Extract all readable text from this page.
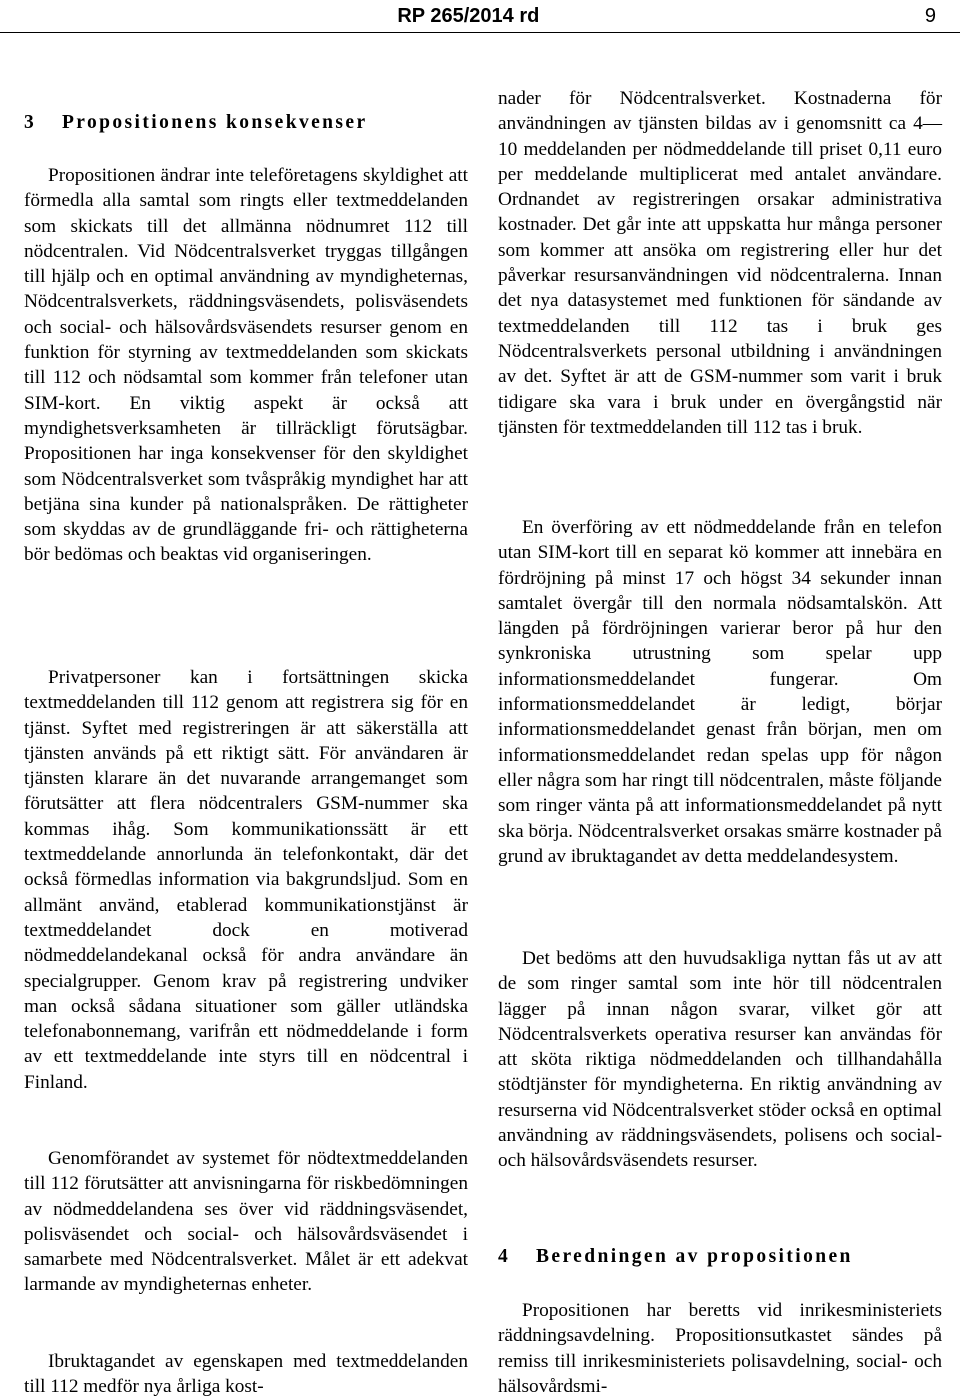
RP 265/2014 rd	9
3 Propositionens konsekvenser

Propositionen ändrar inte teleföretagens skyldighet att förmedla alla samtal som ringts eller textmeddelanden som skickats till det allmänna nödnumret 112 till nödcentralen. Vid Nödcentralsverket tryggas tillgången till hjälp och en optimal användning av myndigheternas, Nödcentralsverkets, räddningsväsendets, polisväsendets och social- och hälsovårdsväsendets resurser genom en funktion för styrning av textmeddelanden som skickats till 112 och nödsamtal som kommer från telefoner utan SIM-kort. En viktig aspekt är också att myndighetsverksamheten är tillräckligt förutsägbar. Propositionen har inga konsekvenser för den skyldighet som Nödcentralsverket som tvåspråkig myndighet har att betjäna sina kunder på nationalspråken. De rättigheter som skyddas av de grundläggande fri- och rättigheterna bör bedömas och beaktas vid organiseringen.

Privatpersoner kan i fortsättningen skicka textmeddelanden till 112 genom att registrera sig för en tjänst. Syftet med registreringen är att säkerställa att tjänsten används på ett riktigt sätt. För användaren är tjänsten klarare än det nuvarande arrangemanget som förutsätter att flera nödcentralers GSM-nummer ska kommas ihåg. Som kommunikationssätt är ett textmeddelande annorlunda än telefonkontakt, där det också förmedlas information via bakgrundsljud. Som en allmänt använd, etablerad kommunikationstjänst är textmeddelandet dock en motiverad nödmeddelandekanal också för andra användare än specialgrupper. Genom krav på registrering undviker man också sådana situationer som gäller utländska telefonabonnemang, varifrån ett nödmeddelande i form av ett textmeddelande inte styrs till en nödcentral i Finland.

Genomförandet av systemet för nödtextmeddelanden till 112 förutsätter att anvisningarna för riskbedömningen av nödmeddelandena ses över vid räddningsväsendet, polisväsendet och social- och hälsovårdsväsendet i samarbete med Nödcentralsverket. Målet är ett adekvat larmande av myndigheternas enheter.

Ibruktagandet av egenskapen med textmeddelanden till 112 medför nya årliga kost-

nader för Nödcentralsverket. Kostnaderna för användningen av tjänsten bildas av i genomsnitt ca 4—10 meddelanden per nödmeddelande till priset 0,11 euro per meddelande multiplicerat med antalet användare. Ordnandet av registreringen orsakar administrativa kostnader. Det går inte att uppskatta hur många personer som kommer att ansöka om registrering eller hur det påverkar resursanvändningen vid nödcentralerna. Innan det nya datasystemet med funktionen för sändande av textmeddelanden till 112 tas i bruk ges Nödcentralsverkets personal utbildning i användningen av det. Syftet är att de GSM-nummer som varit i bruk tidigare ska vara i bruk under en övergångstid när tjänsten för textmeddelanden till 112 tas i bruk.

En överföring av ett nödmeddelande från en telefon utan SIM-kort till en separat kö kommer att innebära en fördröjning på minst 17 och högst 34 sekunder innan samtalet övergår till den normala nödsamtalskön. Att längden på fördröjningen varierar beror på hur den synkroniska utrustning som spelar upp informationsmeddelandet fungerar. Om informationsmeddelandet är ledigt, börjar informationsmeddelandet genast från början, men om informationsmeddelandet redan spelas upp för någon eller några som har ringt till nödcentralen, måste följande som ringer vänta på att informationsmeddelandet på nytt ska börja. Nödcentralsverket orsakas smärre kostnader på grund av ibruktagandet av detta meddelandesystem.

Det bedöms att den huvudsakliga nyttan fås ut av att de som ringer samtal som inte hör till nödcentralen lägger på innan någon svarar, vilket gör att Nödcentralsverkets operativa resurser kan användas för att sköta riktiga nödmeddelanden och tillhandahålla stödtjänster för myndigheterna. En riktig användning av resurserna vid Nödcentralsverket stöder också en optimal användning av räddningsväsendets, polisens och social- och hälsovårdsväsendets resurser.

4 Beredningen av propositionen

Propositionen har beretts vid inrikesministeriets räddningsavdelning. Propositionsutkastet sändes på remiss till inrikesministeriets polisavdelning, social- och hälsovårdsmi-
